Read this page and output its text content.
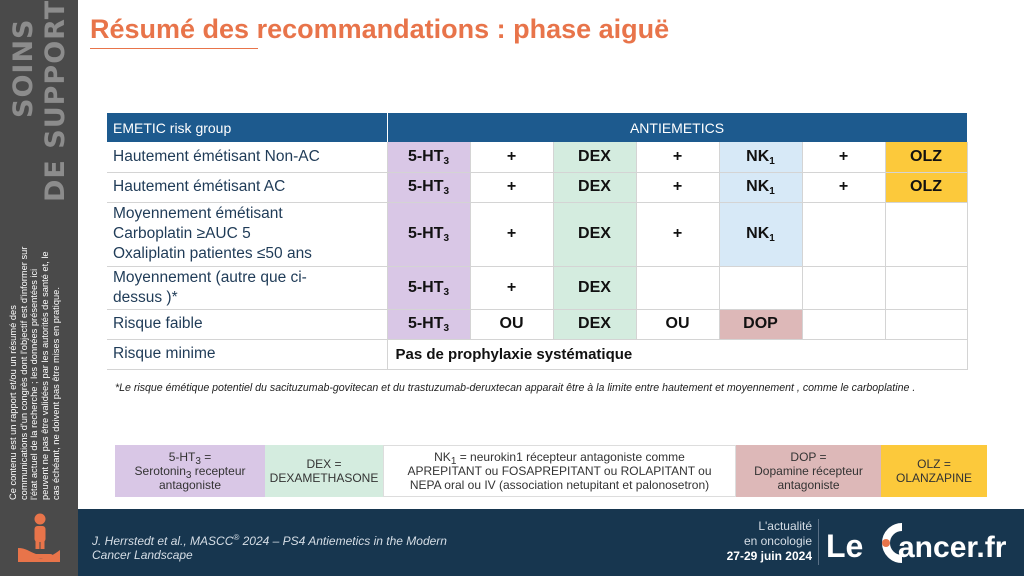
SOINS DE SUPPORT
Ce contenu est un rapport et/ou un résumé des communications d'un congrès dont l'objectif est d'informer sur l'état actuel de la recherche ; les données présentées ici peuvent ne pas être validées par les autorités de santé et, le cas échéant, ne doivent pas être mises en pratique.
Résumé des recommandations : phase aiguë
EMETIC risk group	ANTIEMETICS						
Hautement émétisant Non-AC	$5-HT_3$	+	DEX	+	$NK_1$	+	OLZ
Hautement émétisant AC	$5-HT_3$	+	DEX	+	$NK_1$	+	OLZ

Moyennement émétisant
Carboplatin ≥AUC 5
Oxaliplatin patientes ≤50 ans	$5-HT_3$	+	DEX	+	$NK_1$		

Moyennement (autre que ci-
dessus )*	$5-HT_3$	+	DEX				
Risque faible	$5-HT_3$	OU	DEX	OU	DOP		
Risque minime	Pas de prophylaxie systématique						
*Le risque émétique potentiel du sacituzumab-govitecan et du trastuzumab-deruxtecan apparait être à la limite entre hautement et moyennement , comme le carboplatine .
$5-HT_3$ =
Serotonin$_3$ recepteur
antagoniste
DEX =
DEXAMETHASONE
$NK_1$ = neurokin1 récepteur antagoniste comme
APREPITANT ou FOSAPREPITANT ou ROLAPITANT ou
NEPA oral ou IV (association netupitant et palonosetron)
DOP =
Dopamine récepteur
antagoniste
OLZ =
OLANZAPINE
J. Herrstedt et al., MASCC® 2024 – PS4 Antiemetics in the Modern
Cancer Landscape
L'actualité
en oncologie
27-29 juin 2024 Le ancer.fr
